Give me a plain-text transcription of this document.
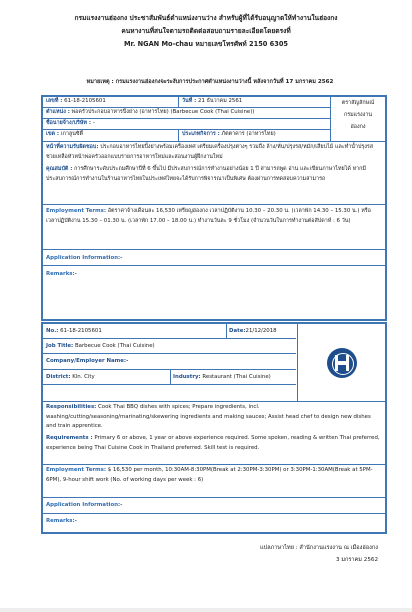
กรมแรงงานฮ่องกง ประชาสัมพันธ์ตำแหน่งงานว่าง สำหรับผู้ที่ได้รับอนุญาตให้ทำงานในฮ่องกง
คนหางานที่สนใจตามรถติดต่อสอบถามรายละเอียดโดยตรงที่
Mr. NGAN Mo-chau หมายเลขโทรศัพท์ 2150 6305
หมายเหตุ : กรมแรงงานฮ่องกงจะระงับการประกาศตำแหน่งงานว่างนี้ หลังจากวันที่ 17 มกราคม 2562
เลขที่ : 61-18-2105601	วันที่ : 21 ธันวาคม 2561
ตำแหน่ง : พ่อครัวประกอบอาหารปิ้งย่าง (อาหารไทย) (Barbecue Cook (Thai Cuisine))
ชื่อนายจ้าง/บริษัท : -
เขต : เกาลูนซิตี้	ประเภทกิจการ : ภัตตาคาร (อาหารไทย)
ตราสัญลักษณ์
กรมแรงงาน
ฮ่องกง
หน้าที่ความรับผิดชอบ: ประกอบอาหารไทยปิ้งย่างพร้อมเครื่องเทศ เตรียมเครื่องปรุงต่างๆ รวมถึง ล้าง/หั่น/ปรุงรส/หมัก/เสียบไม้ และทำน้ำปรุงรส ช่วยเหลือหัวหน้าพ่อครัวออกแบบรายการอาหารใหม่และสอนงานผู้ฝึกงานใหม่
คุณสมบัติ : การศึกษาระดับประถมศึกษาปีที่ 6 ขึ้นไป มีประสบการณ์การทำงานอย่างน้อย 1 ปี สามารถพูด อ่าน และเขียนภาษาไทยได้ หากมีประสบการณ์การทำงานในร้านอาหารไทยในประเทศไทยจะได้รับการพิจารณาเป็นพิเศษ ต้องผ่านการทดสอบความสามารถ
Employment Terms: อัตราค่าจ้างเดือนละ 16,530 เหรียญฮ่องกง เวลาปฏิบัติงาน 10.30 – 20.30 น. (เวลาพัก 14.30 – 15.30 น.) หรือ เวลาปฏิบัติงาน 15.30 – 01.30 น. (เวลาพัก 17.00 – 18.00 น.) ทำงานวันละ 9 ชั่วโมง (จำนวนวันในการทำงานต่อสัปดาห์ : 6 วัน)
Application Information:-
Remarks:-
No.: 61-18-2105601	Date:21/12/2018
Job Title: Barbecue Cook (Thai Cuisine)
Company/Employer Name:-
District: Kln. City	Industry: Restaurant (Thai Cuisine)
Responsibilities: Cook Thai BBQ dishes with spices; Prepare ingredients, incl. washing/cutting/seasoning/marinating/skewering ingredients and making sauces; Assist head chef to design new dishes and train apprentice.
Requirements : Primary 6 or above, 1 year or above experience required. Some spoken, reading & written Thai preferred, experience being Thai Cuisine Cook in Thailand preferred. Skill test is required.
Employment Terms: $ 16,530 per month, 10:30AM-8:30PM(Break at 2:30PM-3:30PM) or 3:30PM-1:30AM(Break at 5PM-6PM), 9-hour shift work (No. of working days per week : 6)
Application Information:-
Remarks:-
แปลภาษาไทย : สำนักงานแรงงาน ณ เมืองฮ่องกง
3 มกราคม 2562
